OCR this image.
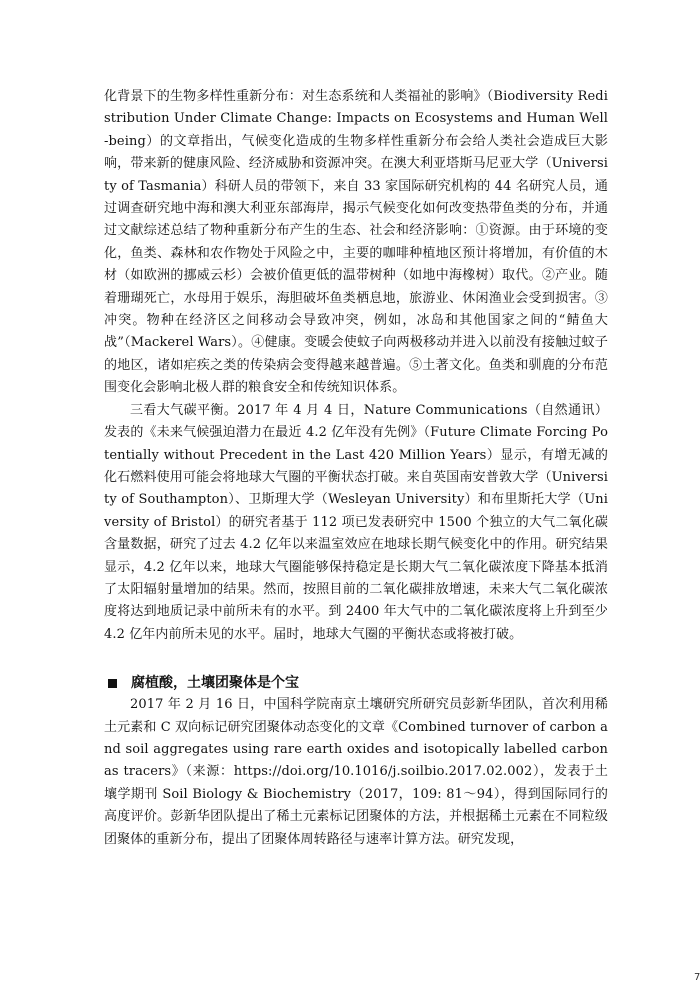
化背景下的生物多样性重新分布：对生态系统和人类福祉的影响》（Biodiversity Redistribution Under Climate Change: Impacts on Ecosystems and Human Well-being）的文章指出，气候变化造成的生物多样性重新分布会给人类社会造成巨大影响，带来新的健康风险、经济威胁和资源冲突。在澳大利亚塔斯马尼亚大学（University of Tasmania）科研人员的带领下，来自 33 家国际研究机构的 44 名研究人员，通过调查研究地中海和澳大利亚东部海岸，揭示气候变化如何改变热带鱼类的分布，并通过文献综述总结了物种重新分布产生的生态、社会和经济影响：①资源。由于环境的变化，鱼类、森林和农作物处于风险之中，主要的咖啡种植地区预计将增加，有价值的木材（如欧洲的挪威云杉）会被价值更低的温带树种（如地中海橡树）取代。②产业。随着珊瑚死亡，水母用于娱乐，海胆破坏鱼类栖息地，旅游业、休闲渔业会受到损害。③冲突。物种在经济区之间移动会导致冲突，例如，冰岛和其他国家之间的“鲭鱼大战”（Mackerel Wars）。④健康。变暖会使蚊子向两极移动并进入以前没有接触过蚊子的地区，诸如疟疾之类的传染病会变得越来越普遍。⑤土著文化。鱼类和驯鹿的分布范围变化会影响北极人群的粮食安全和传统知识体系。

三看大气碳平衡。2017 年 4 月 4 日，Nature Communications（自然通讯）发表的《未来气候强迫潜力在最近 4.2 亿年没有先例》（Future Climate Forcing Potentially without Precedent in the Last 420 Million Years）显示，有增无减的化石燃料使用可能会将地球大气圈的平衡状态打破。来自英国南安普敦大学（University of Southampton）、卫斯理大学（Wesleyan University）和布里斯托大学（University of Bristol）的研究者基于 112 项已发表研究中 1500 个独立的大气二氧化碳含量数据，研究了过去 4.2 亿年以来温室效应在地球长期气候变化中的作用。研究结果显示，4.2 亿年以来，地球大气圈能够保持稳定是长期大气二氧化碳浓度下降基本抵消了太阳辐射量增加的结果。然而，按照目前的二氧化碳排放增速，未来大气二氧化碳浓度将达到地质记录中前所未有的水平。到 2400 年大气中的二氧化碳浓度将上升到至少 4.2 亿年内前所未见的水平。届时，地球大气圈的平衡状态或将被打破。

腐植酸，土壤团聚体是个宝

2017 年 2 月 16 日，中国科学院南京土壤研究所研究员彭新华团队，首次利用稀土元素和 C 双向标记研究团聚体动态变化的文章《Combined turnover of carbon and soil aggregates using rare earth oxides and isotopically labelled carbon as tracers》（来源：https://doi.org/10.1016/j.soilbio.2017.02.002），发表于土壤学期刊 Soil Biology & Biochemistry（2017，109: 81～94），得到国际同行的高度评价。彭新华团队提出了稀土元素标记团聚体的方法，并根据稀土元素在不同粒级团聚体的重新分布，提出了团聚体周转路径与速率计算方法。研究发现，

7
